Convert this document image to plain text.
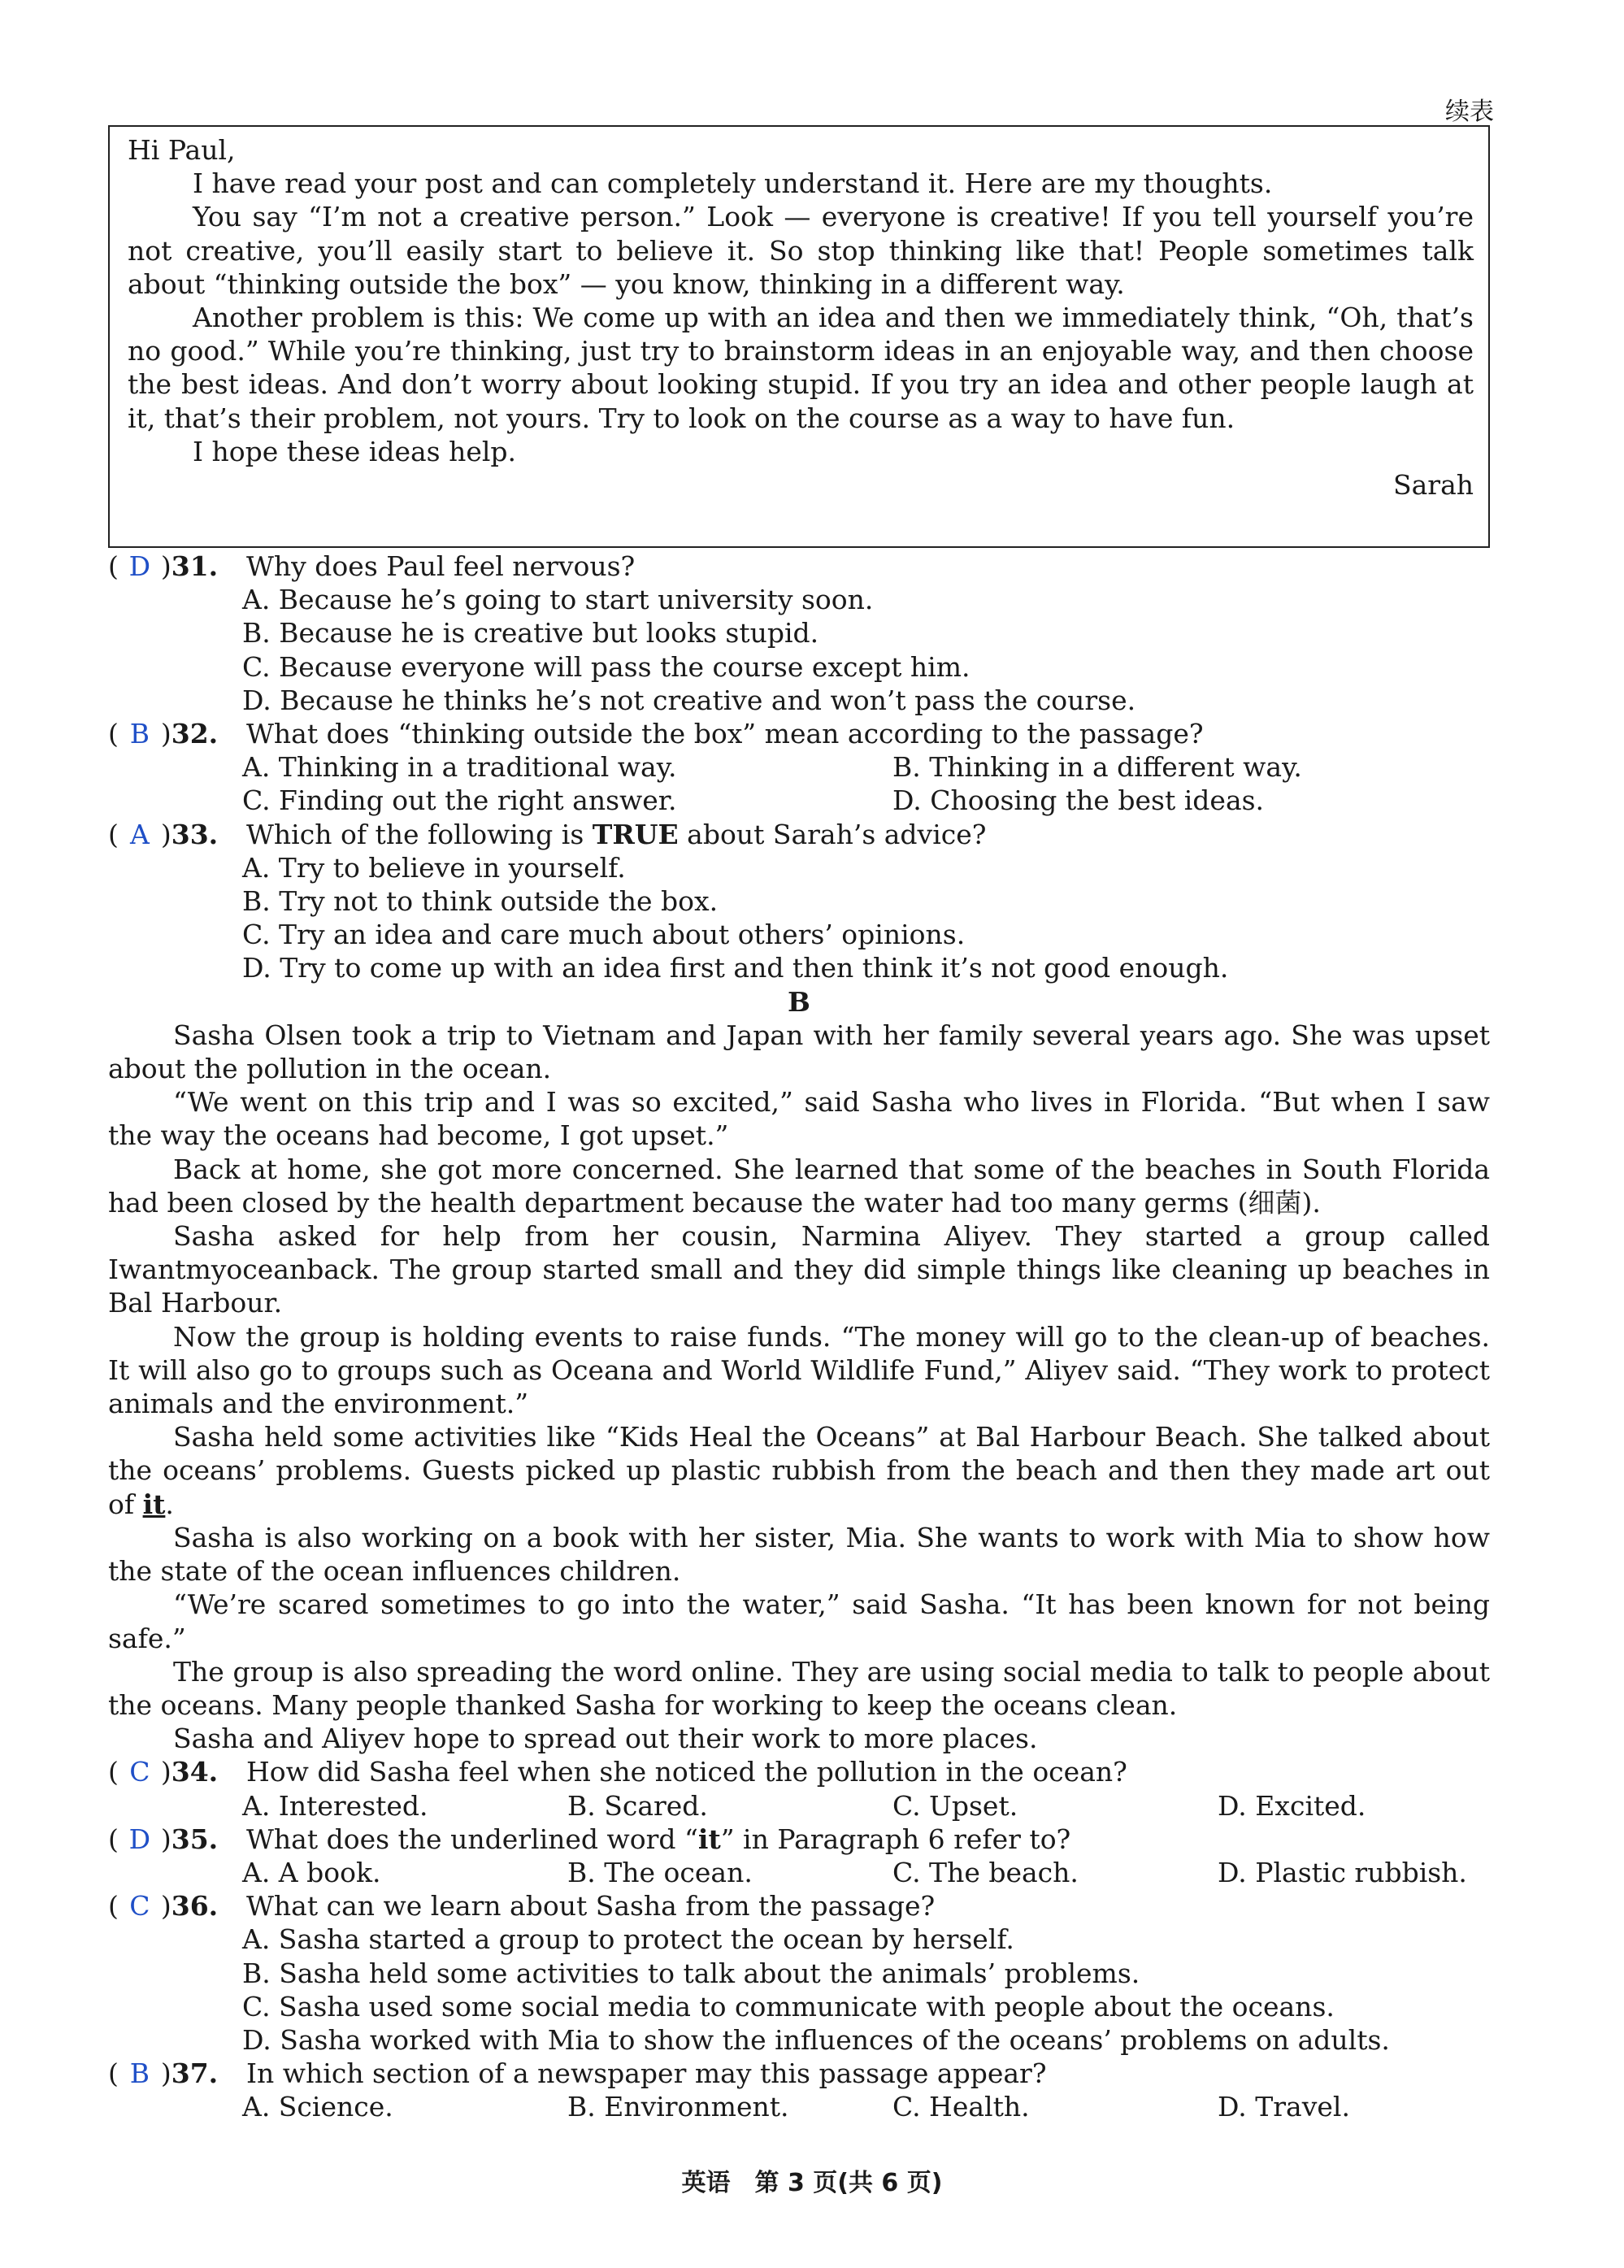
续表
Hi Paul,
I have read your post and can completely understand it. Here are my thoughts.
You say “I’m not a creative person.” Look — everyone is creative! If you tell yourself you’re not creative, you’ll easily start to believe it. So stop thinking like that! People sometimes talk about “thinking outside the box” — you know, thinking in a different way.
Another problem is this: We come up with an idea and then we immediately think, “Oh, that’s no good.” While you’re thinking, just try to brainstorm ideas in an enjoyable way, and then choose the best ideas. And don’t worry about looking stupid. If you try an idea and other people laugh at it, that’s their problem, not yours. Try to look on the course as a way to have fun.
I hope these ideas help.
Sarah
( D )31.	Why does Paul feel nervous?
A. Because he’s going to start university soon.
B. Because he is creative but looks stupid.
C. Because everyone will pass the course except him.
D. Because he thinks he’s not creative and won’t pass the course.
( B )32.	What does “thinking outside the box” mean according to the passage?
A. Thinking in a traditional way.	B. Thinking in a different way.
C. Finding out the right answer.	D. Choosing the best ideas.
( A )33.	Which of the following is TRUE about Sarah’s advice?
A. Try to believe in yourself.
B. Try not to think outside the box.
C. Try an idea and care much about others’ opinions.
D. Try to come up with an idea first and then think it’s not good enough.
B

Sasha Olsen took a trip to Vietnam and Japan with her family several years ago. She was upset about the pollution in the ocean.

“We went on this trip and I was so excited,” said Sasha who lives in Florida. “But when I saw the way the oceans had become, I got upset.”

Back at home, she got more concerned. She learned that some of the beaches in South Florida had been closed by the health department because the water had too many germs (细菌).

Sasha asked for help from her cousin, Narmina Aliyev. They started a group called Iwantmyoceanback. The group started small and they did simple things like cleaning up beaches in Bal Harbour.

Now the group is holding events to raise funds. “The money will go to the clean-up of beaches. It will also go to groups such as Oceana and World Wildlife Fund,” Aliyev said. “They work to protect animals and the environment.”

Sasha held some activities like “Kids Heal the Oceans” at Bal Harbour Beach. She talked about the oceans’ problems. Guests picked up plastic rubbish from the beach and then they made art out of it.

Sasha is also working on a book with her sister, Mia. She wants to work with Mia to show how the state of the ocean influences children.

“We’re scared sometimes to go into the water,” said Sasha. “It has been known for not being safe.”

The group is also spreading the word online. They are using social media to talk to people about the oceans. Many people thanked Sasha for working to keep the oceans clean.

Sasha and Aliyev hope to spread out their work to more places.

( C )34.	How did Sasha feel when she noticed the pollution in the ocean?
A. Interested.	B. Scared.	C. Upset.	D. Excited.
( D )35.	What does the underlined word “it” in Paragraph 6 refer to?
A. A book.	B. The ocean.	C. The beach.	D. Plastic rubbish.
( C )36.	What can we learn about Sasha from the passage?
A. Sasha started a group to protect the ocean by herself.
B. Sasha held some activities to talk about the animals’ problems.
C. Sasha used some social media to communicate with people about the oceans.
D. Sasha worked with Mia to show the influences of the oceans’ problems on adults.
( B )37.	In which section of a newspaper may this passage appear?
A. Science.	B. Environment.	C. Health.	D. Travel.
英语　第 3 页(共 6 页)
